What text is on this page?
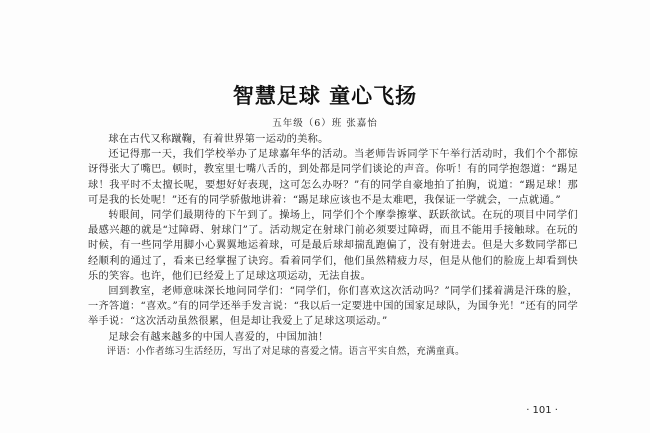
智慧足球 童心飞扬

五年级（6）班 张嘉怡

球在古代又称蹴鞠，有着世界第一运动的美称。

还记得那一天，我们学校举办了足球嘉年华的活动。当老师告诉同学下午举行活动时，我们个个都惊讶得张大了嘴巴。顿时，教室里七嘴八舌的，到处都是同学们谈论的声音。你听！有的同学抱怨道：“踢足球！我平时不太擅长呢，要想好好表现，这可怎么办呀？”有的同学自豪地拍了拍胸，说道：“踢足球！那可是我的长处呢！”还有的同学骄傲地讲着：“踢足球应该也不是太难吧，我保证一学就会，一点就通。”

转眼间，同学们最期待的下午到了。操场上，同学们个个摩拳擦掌、跃跃欲试。在玩的项目中同学们最感兴趣的就是“过障碍、射球门”了。活动规定在射球门前必须要过障碍，而且不能用手接触球。在玩的时候，有一些同学用脚小心翼翼地运着球，可是最后球却揣乱跑偏了，没有射进去。但是大多数同学都已经顺利的通过了，看来已经掌握了诀窍。看着同学们，他们虽然精疲力尽，但是从他们的脸庞上却看到快乐的笑容。也许，他们已经爱上了足球这项运动，无法自拔。

回到教室，老师意味深长地问同学们：“同学们，你们喜欢这次活动吗？”同学们揉着满是汗珠的脸，一齐答道：“喜欢。”有的同学还举手发言说：“我以后一定要进中国的国家足球队，为国争光！”还有的同学举手说：“这次活动虽然很累，但是却让我爱上了足球这项运动。”

足球会有越来越多的中国人喜爱的，中国加油！

评语：小作者练习生活经历，写出了对足球的喜爱之情。语言平实自然，充满童真。

· 101 ·
